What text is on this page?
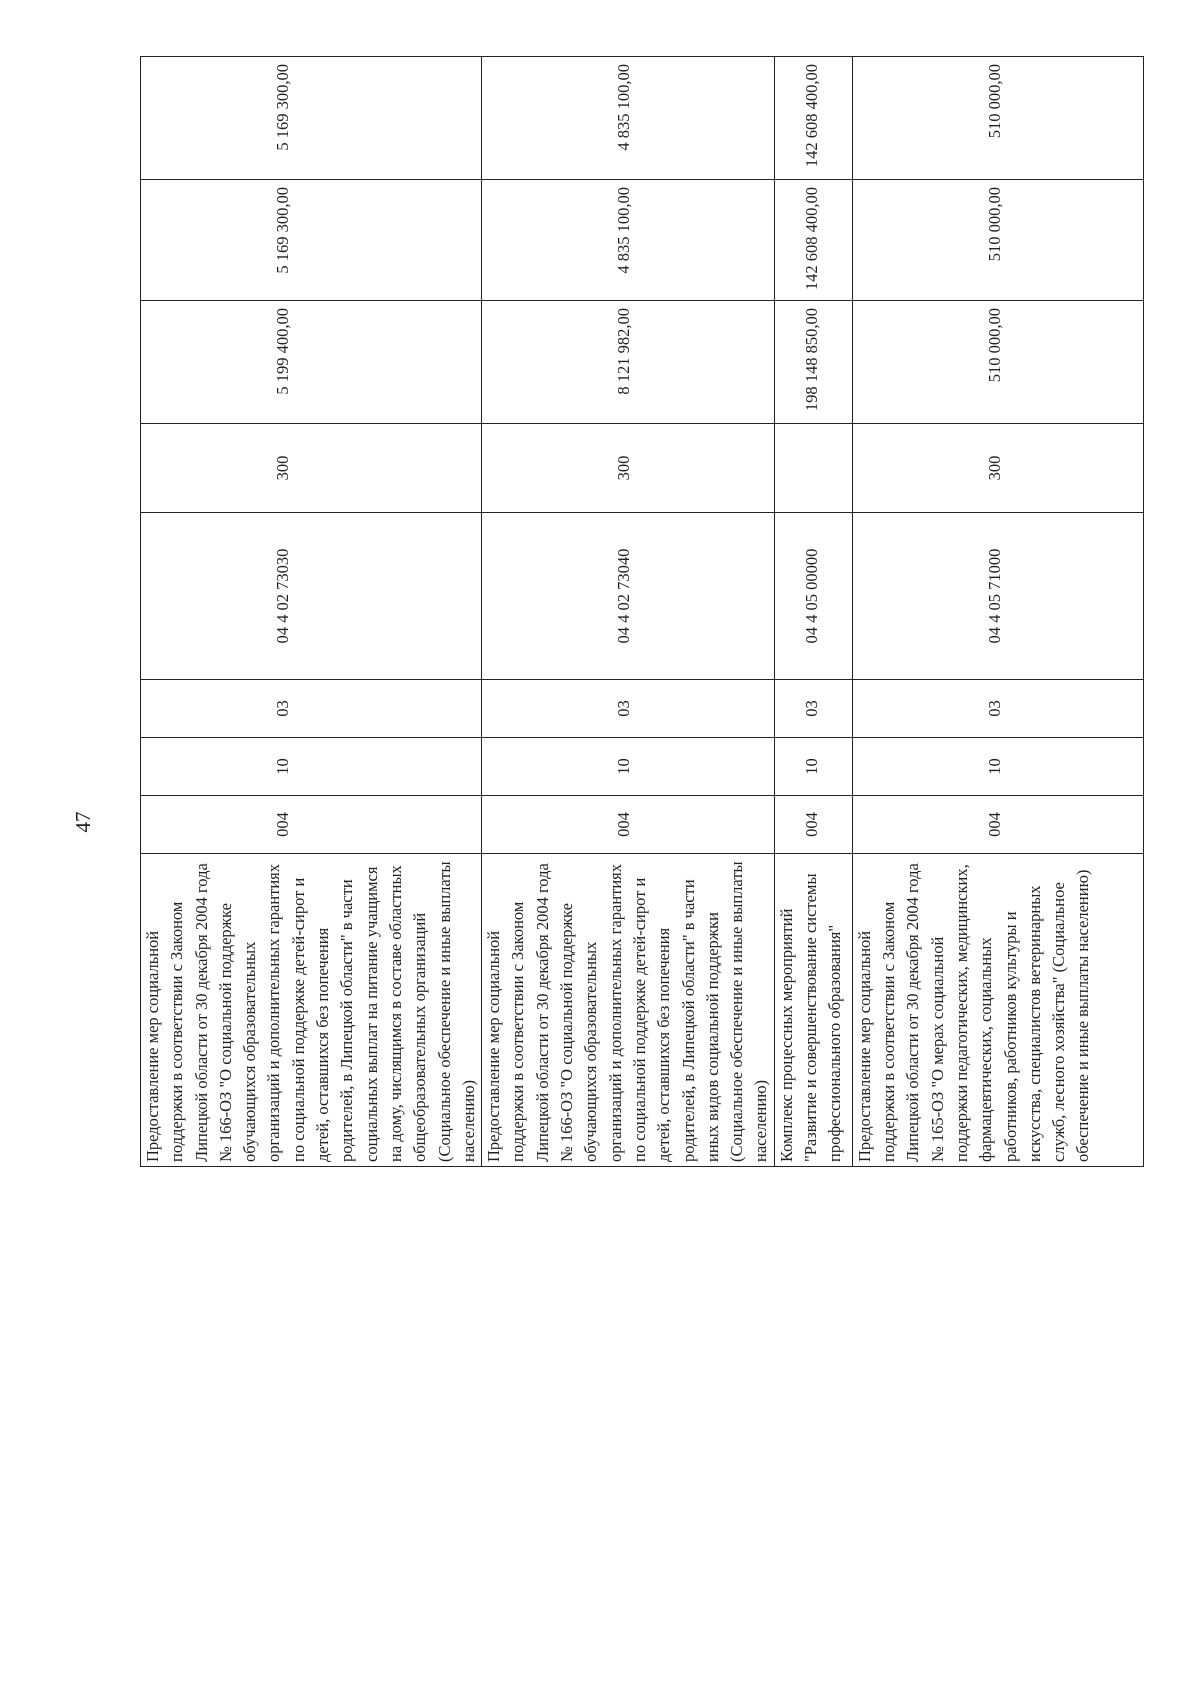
47
Предоставление мер социальной поддержки в соответствии с Законом Липецкой области от 30 декабря 2004 года № 166-ОЗ "О социальной поддержке обучающихся образовательных организаций и дополнительных гарантиях по социальной поддержке детей-сирот и детей, оставшихся без попечения родителей, в Липецкой области" в части социальных выплат на питание учащимся на дому, числящимся в составе областных общеобразовательных организаций (Социальное обеспечение и иные выплаты населению)	004	10	03	04 4 02 73030	300	5 199 400,00	5 169 300,00	5 169 300,00
Предоставление мер социальной поддержки в соответствии с Законом Липецкой области от 30 декабря 2004 года № 166-ОЗ "О социальной поддержке обучающихся образовательных организаций и дополнительных гарантиях по социальной поддержке детей-сирот и детей, оставшихся без попечения родителей, в Липецкой области" в части иных видов социальной поддержки (Социальное обеспечение и иные выплаты населению)	004	10	03	04 4 02 73040	300	8 121 982,00	4 835 100,00	4 835 100,00
Комплекс процессных мероприятий "Развитие и совершенствование системы профессионального образования"	004	10	03	04 4 05 00000		198 148 850,00	142 608 400,00	142 608 400,00
Предоставление мер социальной поддержки в соответствии с Законом Липецкой области от 30 декабря 2004 года № 165-ОЗ "О мерах социальной поддержки педагогических, медицинских, фармацевтических, социальных работников, работников культуры и искусства, специалистов ветеринарных служб, лесного хозяйства" (Социальное обеспечение и иные выплаты населению)	004	10	03	04 4 05 71000	300	510 000,00	510 000,00	510 000,00
